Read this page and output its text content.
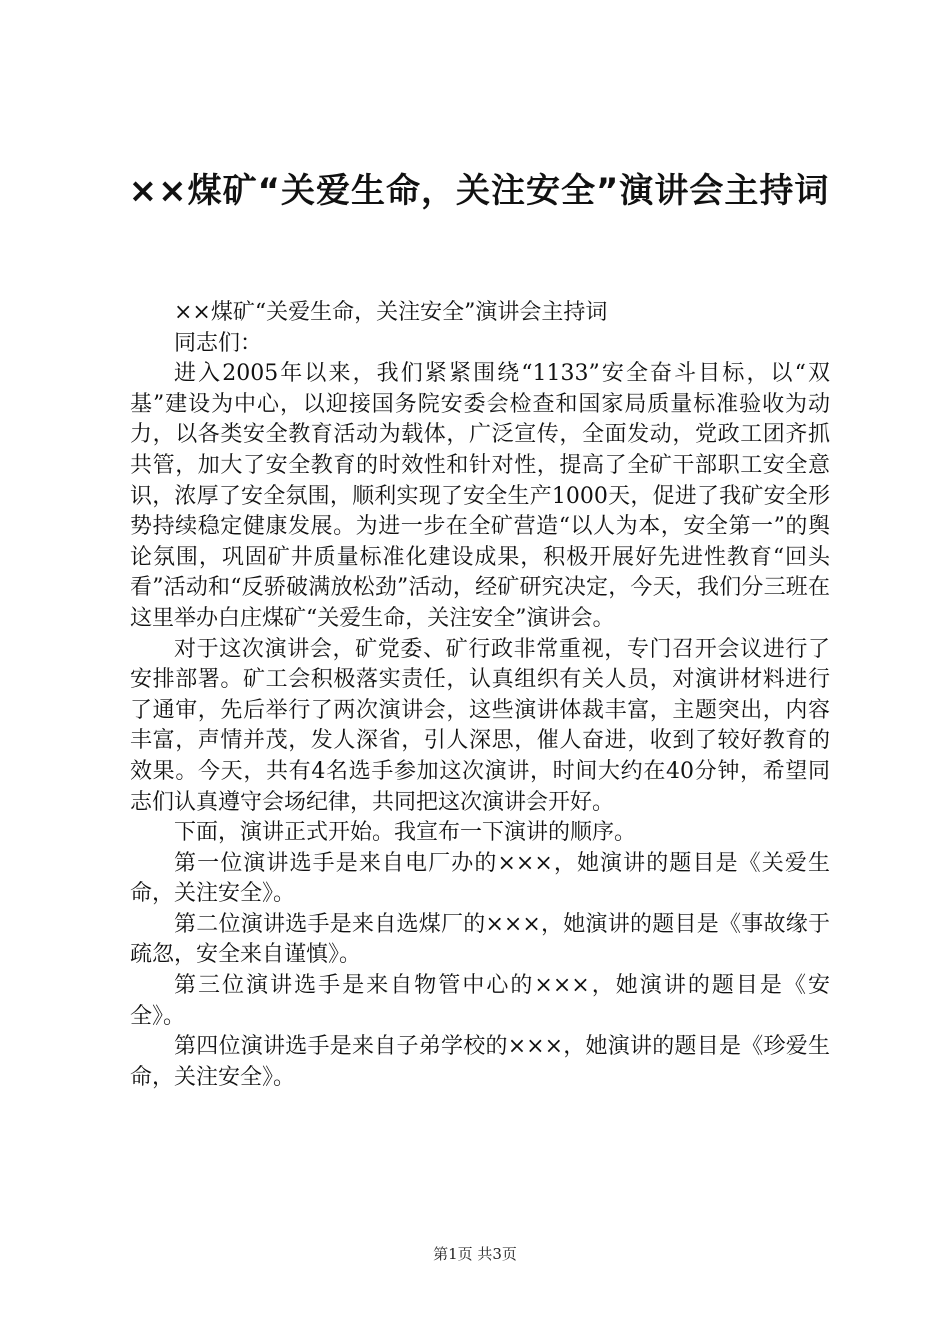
××煤矿“关爱生命，关注安全”演讲会主持词

××煤矿“关爱生命，关注安全”演讲会主持词

同志们：

进入2005年以来，我们紧紧围绕“1133”安全奋斗目标，以“双基”建设为中心，以迎接国务院安委会检查和国家局质量标准验收为动力，以各类安全教育活动为载体，广泛宣传，全面发动，党政工团齐抓共管，加大了安全教育的时效性和针对性，提高了全矿干部职工安全意识，浓厚了安全氛围，顺利实现了安全生产1000天，促进了我矿安全形势持续稳定健康发展。为进一步在全矿营造“以人为本，安全第一”的舆论氛围，巩固矿井质量标准化建设成果，积极开展好先进性教育“回头看”活动和“反骄破满放松劲”活动，经矿研究决定，今天，我们分三班在这里举办白庄煤矿“关爱生命，关注安全”演讲会。

对于这次演讲会，矿党委、矿行政非常重视，专门召开会议进行了安排部署。矿工会积极落实责任，认真组织有关人员，对演讲材料进行了通审，先后举行了两次演讲会，这些演讲体裁丰富，主题突出，内容丰富，声情并茂，发人深省，引人深思，催人奋进，收到了较好教育的效果。今天，共有4名选手参加这次演讲，时间大约在40分钟，希望同志们认真遵守会场纪律，共同把这次演讲会开好。

下面，演讲正式开始。我宣布一下演讲的顺序。

第一位演讲选手是来自电厂办的×××，她演讲的题目是《关爱生命，关注安全》。

第二位演讲选手是来自选煤厂的×××，她演讲的题目是《事故缘于疏忽，安全来自谨慎》。

第三位演讲选手是来自物管中心的×××，她演讲的题目是《安全》。

第四位演讲选手是来自子弟学校的×××，她演讲的题目是《珍爱生命，关注安全》。

第1页 共3页
